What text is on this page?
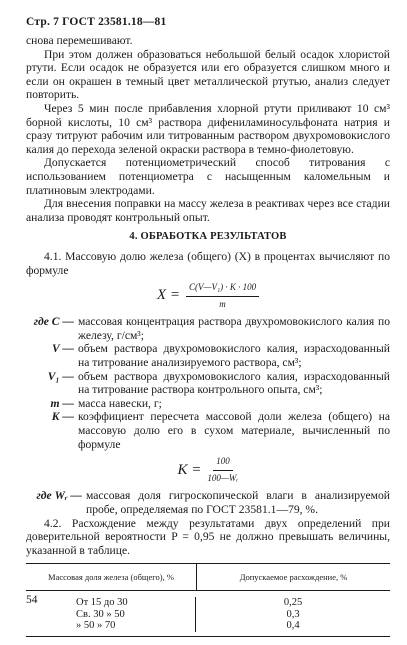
Стр. 7 ГОСТ 23581.18—81

снова перемешивают.

При этом должен образоваться небольшой белый осадок хлористой ртути. Если осадок не образуется или его образуется слишком много и если он окрашен в темный цвет металлической ртутью, анализ следует повторить.

Через 5 мин после прибавления хлорной ртути приливают 10 см³ борной кислоты, 10 см³ раствора дифениламиносульфоната натрия и сразу титруют рабочим или титрованным раствором двухромовокислого калия до перехода зеленой окраски раствора в темно-фиолетовую.

Допускается потенциометрический способ титрования с использованием потенциометра с насыщенным каломельным и платиновым электродами.

Для внесения поправки на массу железа в реактивах через все стадии анализа проводят контрольный опыт.

4. ОБРАБОТКА РЕЗУЛЬТАТОВ

4.1. Массовую долю железа (общего) (X) в процентах вычисляют по формуле

$X = \frac{\text{C(V—V₁) · K · 100}}{m}$
где C — массовая концентрация раствора двухромовокислого калия по железу, г/см³;
V — объем раствора двухромовокислого калия, израсходованный на титрование анализируемого раствора, см³;
V₁ — объем раствора двухромовокислого калия, израсходованный на титрование раствора контрольного опыта, см³;
m — масса навески, г;
K — коэффициент пересчета массовой доли железа (общего) на массовую долю его в сухом материале, вычисленный по формуле
$K = \frac{100}{\text{100—Wᵣ}}$
где Wᵣ — массовая доля гигроскопической влаги в анализируемой пробе, определяемая по ГОСТ 23581.1—79, %.

4.2. Расхождение между результатами двух определений при доверительной вероятности P = 0,95 не должно превышать величины, указанной в таблице.

Массовая доля железа (общего), %	Допускаемое расхождение, %
От 15 до 30
Св. 30 » 50
» 50 » 70
0,25
0,3
0,4
54
